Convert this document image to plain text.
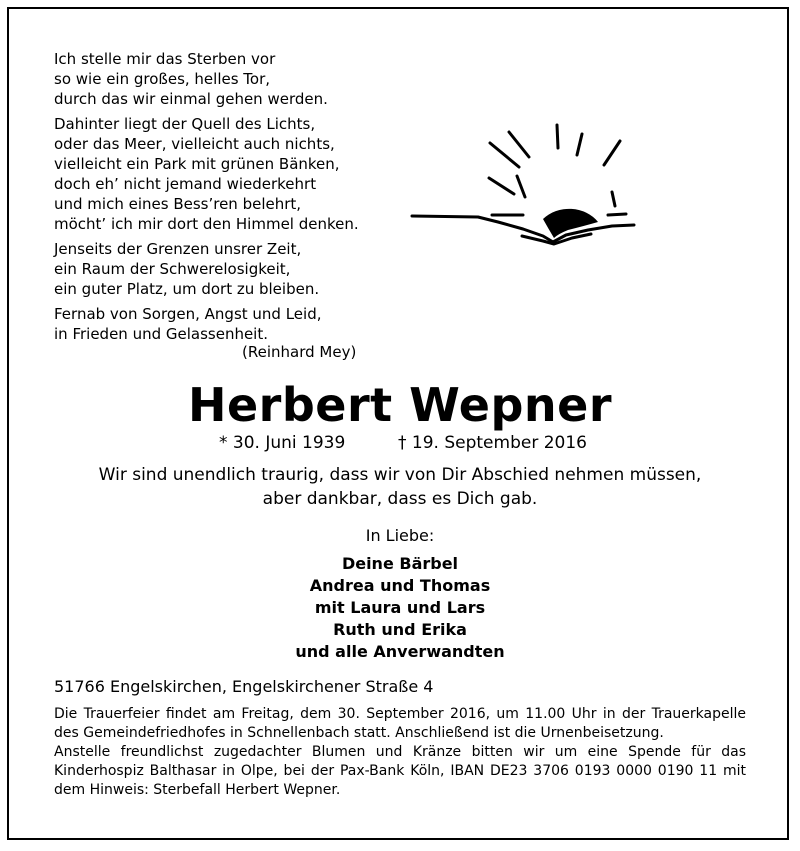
Ich stelle mir das Sterben vor
so wie ein großes, helles Tor,
durch das wir einmal gehen werden.
Dahinter liegt der Quell des Lichts,
oder das Meer, vielleicht auch nichts,
vielleicht ein Park mit grünen Bänken,
doch eh’ nicht jemand wiederkehrt
und mich eines Bess’ren belehrt,
möcht’ ich mir dort den Himmel denken.
Jenseits der Grenzen unsrer Zeit,
ein Raum der Schwerelosigkeit,
ein guter Platz, um dort zu bleiben.
Fernab von Sorgen, Angst und Leid,
in Frieden und Gelassenheit.
(Reinhard Mey)
Herbert Wepner
* 30. Juni 1939	† 19. September 2016
Wir sind unendlich traurig, dass wir von Dir Abschied nehmen müssen,
aber dankbar, dass es Dich gab.
In Liebe:
Deine Bärbel
Andrea und Thomas
mit Laura und Lars
Ruth und Erika
und alle Anverwandten
51766 Engelskirchen, Engelskirchener Straße 4

Die Trauerfeier findet am Freitag, dem 30. September 2016, um 11.00 Uhr in der Trauerkapelle des Gemeindefriedhofes in Schnellenbach statt. Anschließend ist die Urnenbeisetzung.

Anstelle freundlichst zugedachter Blumen und Kränze bitten wir um eine Spende für das Kinderhospiz Balthasar in Olpe, bei der Pax-Bank Köln, IBAN DE23 3706 0193 0000 0190 11 mit dem Hinweis: Sterbefall Herbert Wepner.
